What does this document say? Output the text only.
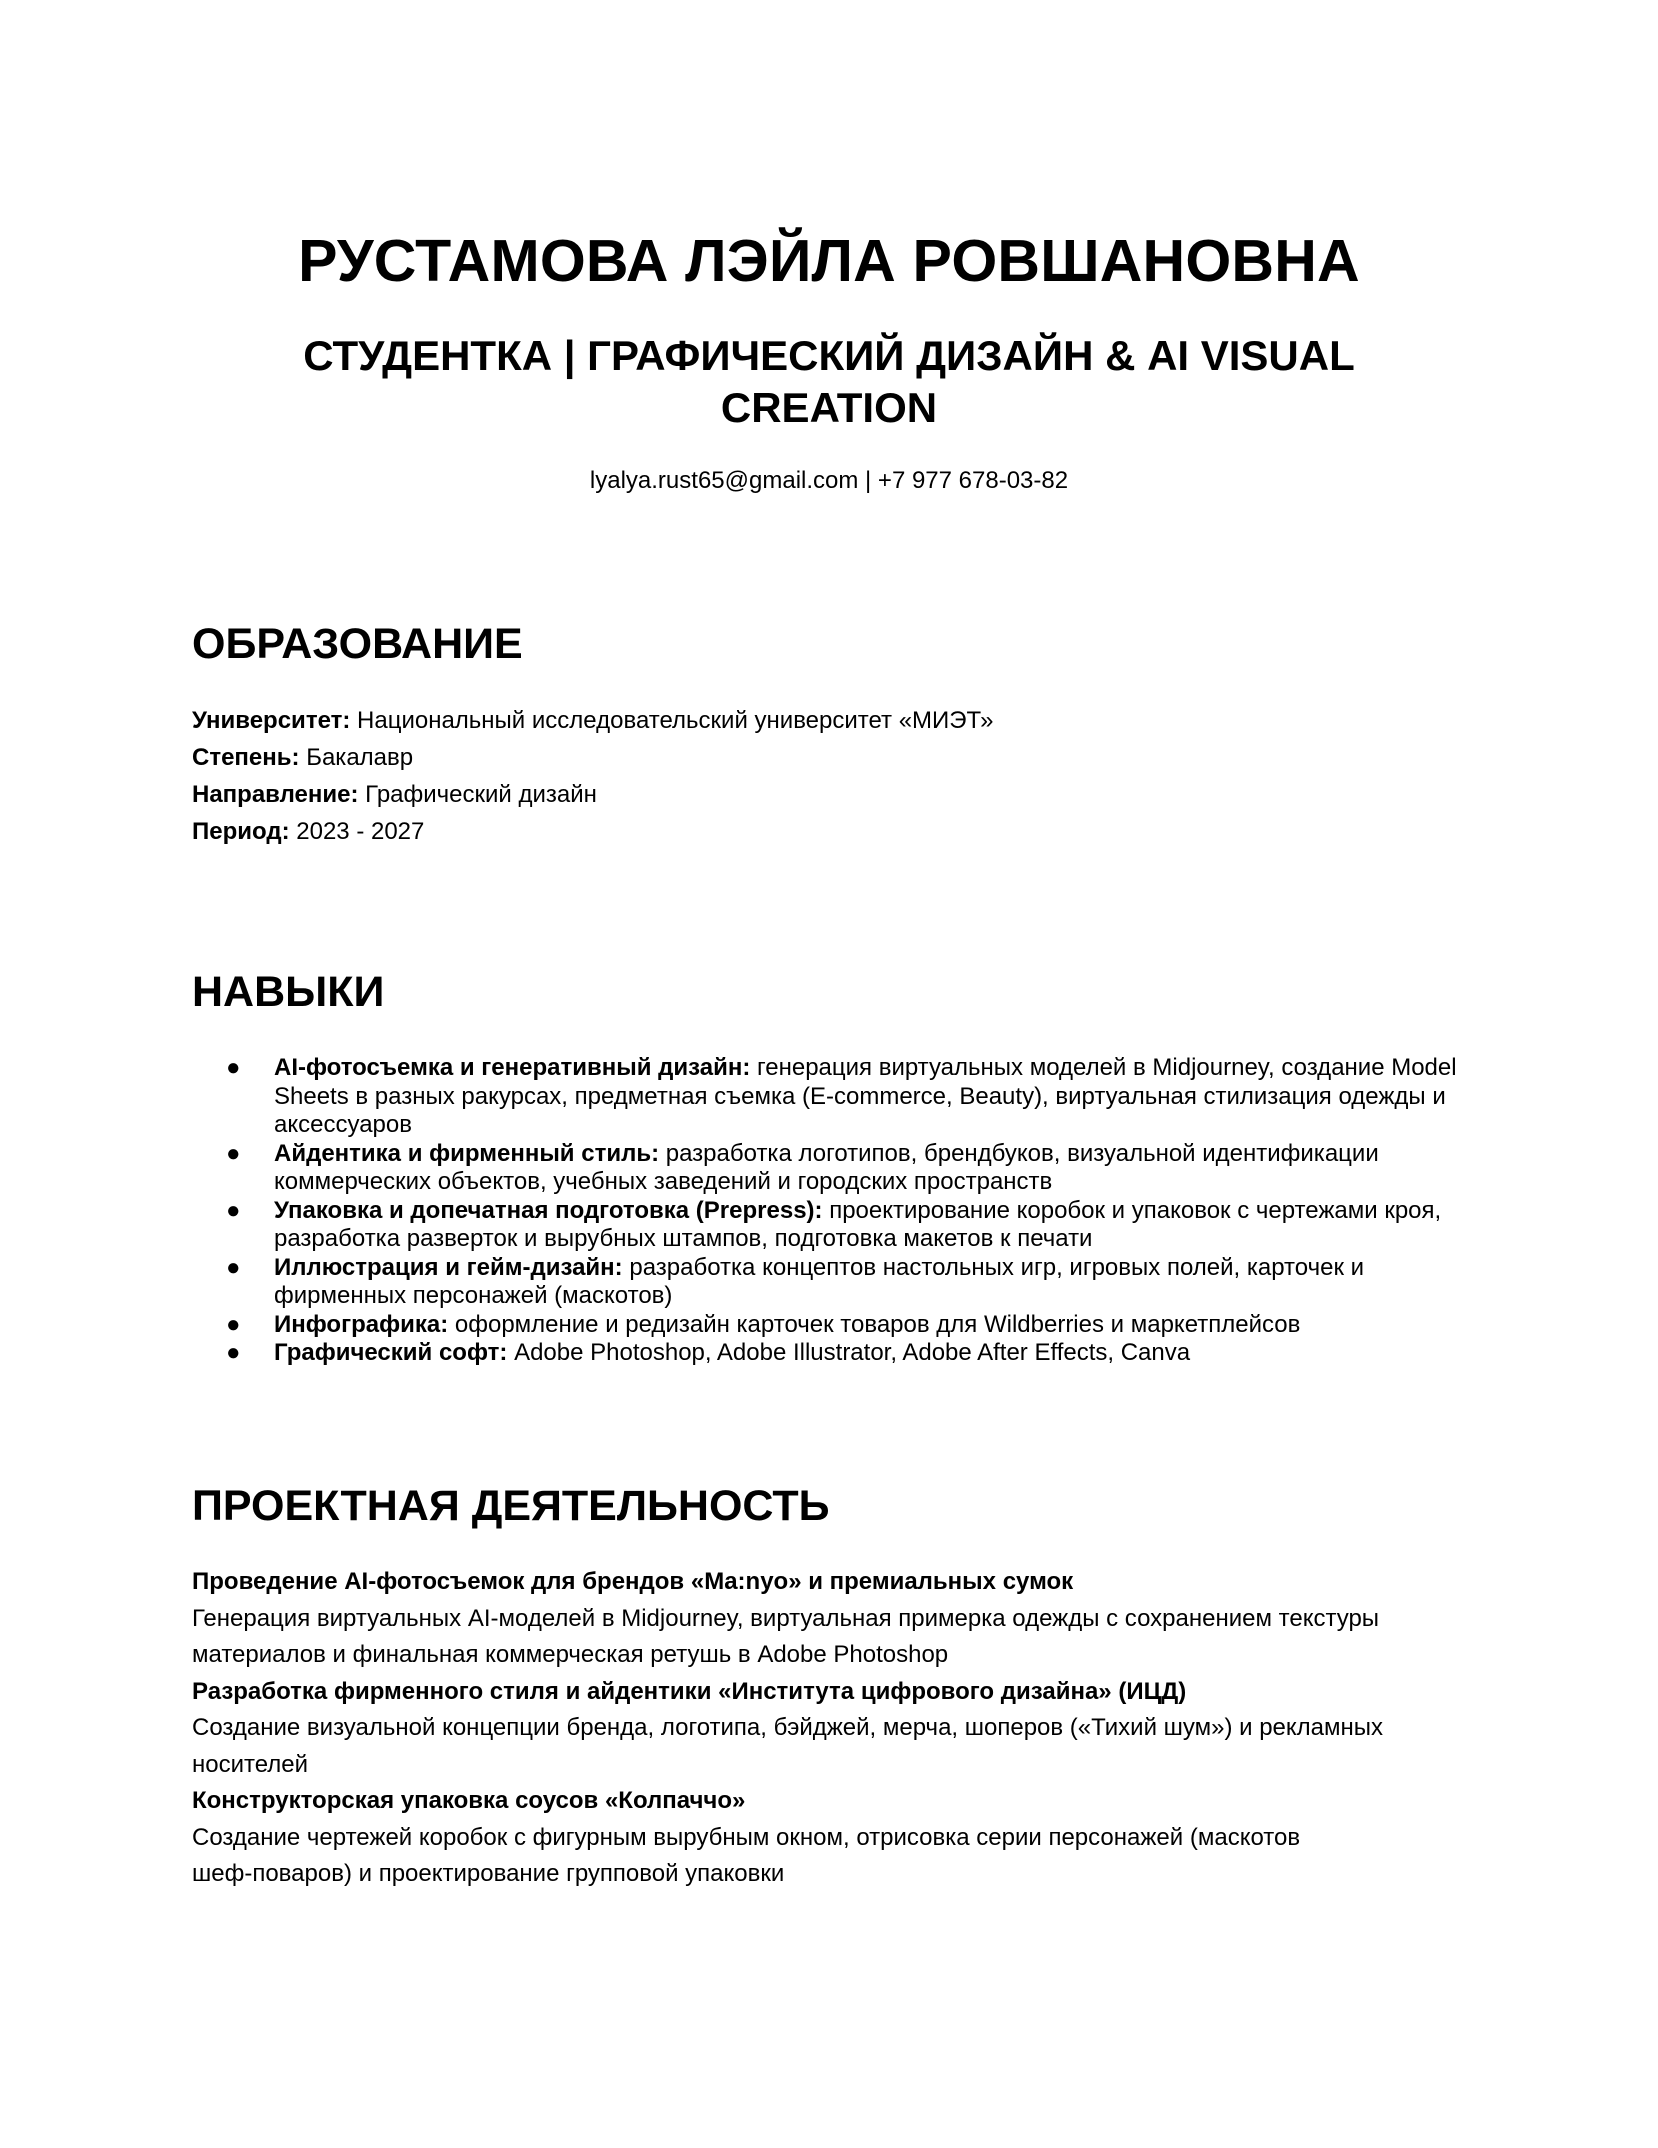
РУСТАМОВА ЛЭЙЛА РОВШАНОВНА
СТУДЕНТКА | ГРАФИЧЕСКИЙ ДИЗАЙН & AI VISUAL CREATION
lyalya.rust65@gmail.com | +7 977 678-03-82
ОБРАЗОВАНИЕ
Университет: Национальный исследовательский университет «МИЭТ»
Степень: Бакалавр
Направление: Графический дизайн
Период: 2023 - 2027
НАВЫКИ
● AI-фотосъемка и генеративный дизайн: генерация виртуальных моделей в Midjourney, создание Model Sheets в разных ракурсах, предметная съемка (E-commerce, Beauty), виртуальная стилизация одежды и аксессуаров
● Айдентика и фирменный стиль: разработка логотипов, брендбуков, визуальной идентификации коммерческих объектов, учебных заведений и городских пространств
● Упаковка и допечатная подготовка (Prepress): проектирование коробок и упаковок с чертежами кроя, разработка разверток и вырубных штампов, подготовка макетов к печати
● Иллюстрация и гейм-дизайн: разработка концептов настольных игр, игровых полей, карточек и фирменных персонажей (маскотов)
● Инфографика: оформление и редизайн карточек товаров для Wildberries и маркетплейсов
● Графический софт: Adobe Photoshop, Adobe Illustrator, Adobe After Effects, Canva
ПРОЕКТНАЯ ДЕЯТЕЛЬНОСТЬ
Проведение AI-фотосъемок для брендов «Ma:nyo» и премиальных сумок
Генерация виртуальных AI-моделей в Midjourney, виртуальная примерка одежды с сохранением текстуры
материалов и финальная коммерческая ретушь в Adobe Photoshop
Разработка фирменного стиля и айдентики «Института цифрового дизайна» (ИЦД)
Создание визуальной концепции бренда, логотипа, бэйджей, мерча, шоперов («Тихий шум») и рекламных
носителей
Конструкторская упаковка соусов «Колпаччо»
Создание чертежей коробок с фигурным вырубным окном, отрисовка серии персонажей (маскотов
шеф-поваров) и проектирование групповой упаковки
